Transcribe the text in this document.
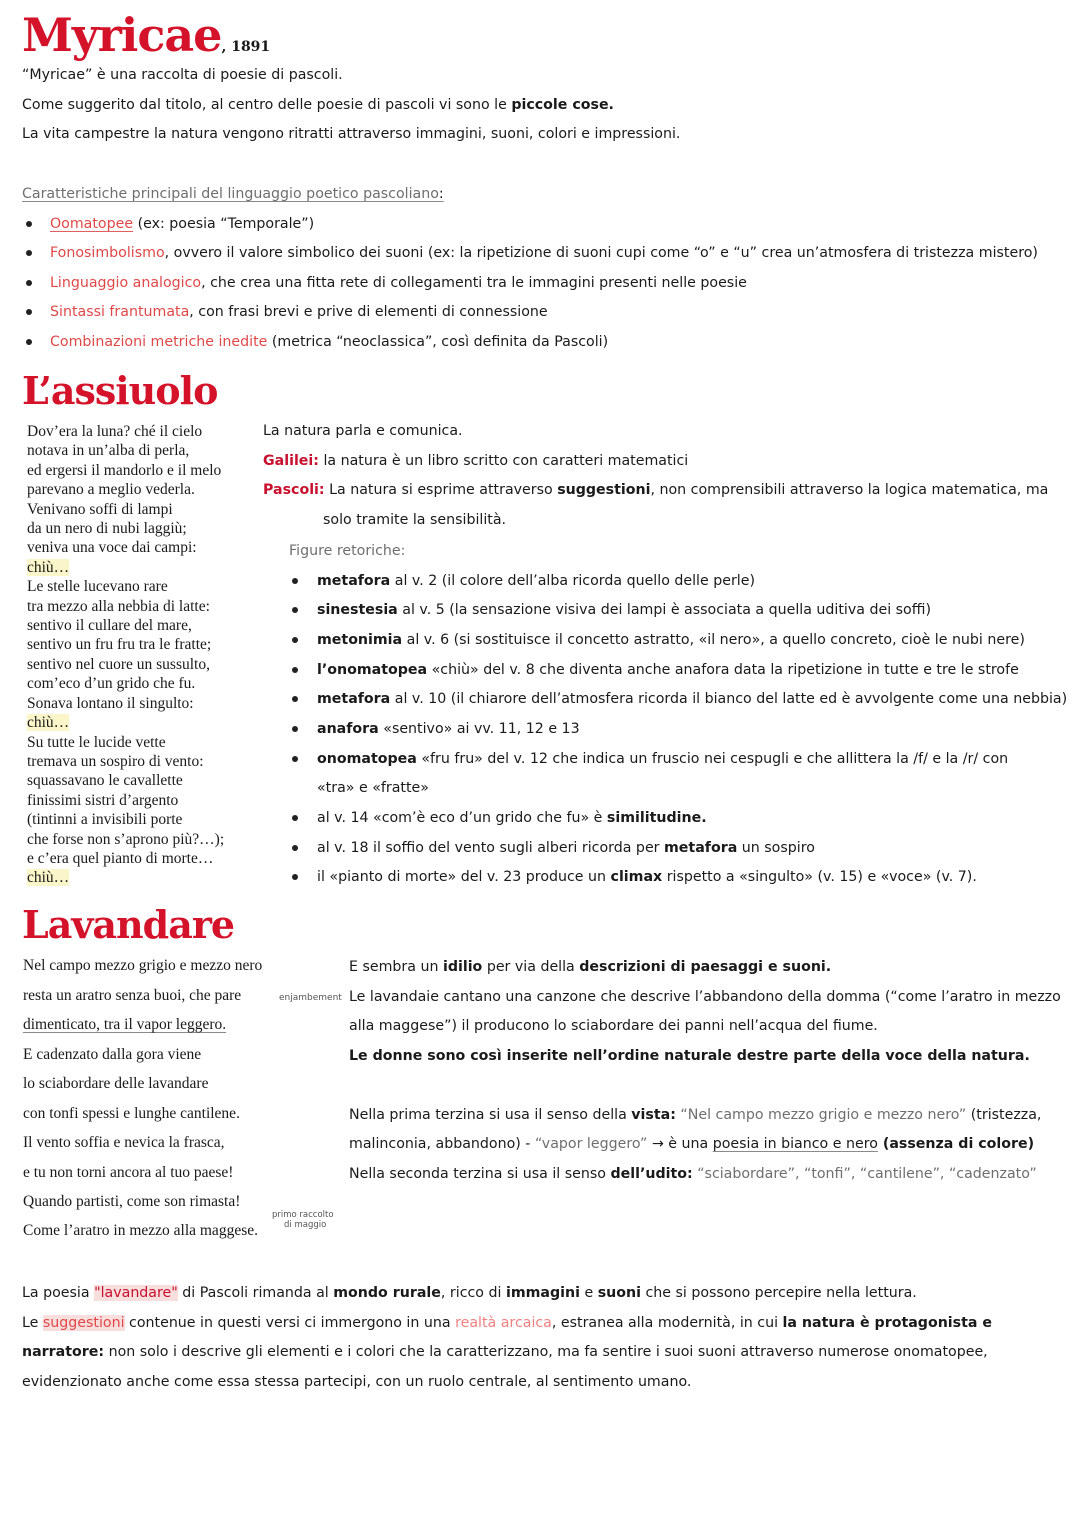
Myricae, 1891
“Myricae” è una raccolta di poesie di pascoli.
Come suggerito dal titolo, al centro delle poesie di pascoli vi sono le piccole cose.
La vita campestre la natura vengono ritratti attraverso immagini, suoni, colori e impressioni.
Caratteristiche principali del linguaggio poetico pascoliano:
Oomatopee (ex: poesia “Temporale”)
Fonosimbolismo, ovvero il valore simbolico dei suoni (ex: la ripetizione di suoni cupi come “o” e “u” crea un’atmosfera di tristezza mistero)
Linguaggio analogico, che crea una fitta rete di collegamenti tra le immagini presenti nelle poesie
Sintassi frantumata, con frasi brevi e prive di elementi di connessione
Combinazioni metriche inedite (metrica “neoclassica”, così definita da Pascoli)
L’assiuolo
Dov’era la luna? ché il cielo
notava in un’alba di perla,
ed ergersi il mandorlo e il melo
parevano a meglio vederla.
Venivano soffi di lampi
da un nero di nubi laggiù;
veniva una voce dai campi:
chiù…
Le stelle lucevano rare
tra mezzo alla nebbia di latte:
sentivo il cullare del mare,
sentivo un fru fru tra le fratte;
sentivo nel cuore un sussulto,
com’eco d’un grido che fu.
Sonava lontano il singulto:
chiù…
Su tutte le lucide vette
tremava un sospiro di vento:
squassavano le cavallette
finissimi sistri d’argento
(tintinni a invisibili porte
che forse non s’aprono più?…);
e c’era quel pianto di morte…
chiù…
La natura parla e comunica.
Galilei: la natura è un libro scritto con caratteri matematici
Pascoli: La natura si esprime attraverso suggestioni, non comprensibili attraverso la logica matematica, ma
solo tramite la sensibilità.
Figure retoriche:
metafora al v. 2 (il colore dell’alba ricorda quello delle perle)
sinestesia al v. 5 (la sensazione visiva dei lampi è associata a quella uditiva dei soffi)
metonimia al v. 6 (si sostituisce il concetto astratto, «il nero», a quello concreto, cioè le nubi nere)
l’onomatopea «chiù» del v. 8 che diventa anche anafora data la ripetizione in tutte e tre le strofe
metafora al v. 10 (il chiarore dell’atmosfera ricorda il bianco del latte ed è avvolgente come una nebbia)
anafora «sentivo» ai vv. 11, 12 e 13
onomatopea «fru fru» del v. 12 che indica un fruscio nei cespugli e che allittera la /f/ e la /r/ con
«tra» e «fratte»
al v. 14 «com’è eco d’un grido che fu» è similitudine.
al v. 18 il soffio del vento sugli alberi ricorda per metafora un sospiro
il «pianto di morte» del v. 23 produce un climax rispetto a «singulto» (v. 15) e «voce» (v. 7).
Lavandare
Nel campo mezzo grigio e mezzo nero
resta un aratro senza buoi, che pare
dimenticato, tra il vapor leggero.
E cadenzato dalla gora viene
lo sciabordare delle lavandare
con tonfi spessi e lunghe cantilene.
Il vento soffia e nevica la frasca,
e tu non torni ancora al tuo paese!
Quando partisti, come son rimasta!
Come l’aratro in mezzo alla maggese.
enjambement
primo raccolto
di maggio
E sembra un idilio per via della descrizioni di paesaggi e suoni.
Le lavandaie cantano una canzone che descrive l’abbandono della domma (“come l’aratro in mezzo
alla maggese”) il producono lo sciabordare dei panni nell’acqua del fiume.
Le donne sono così inserite nell’ordine naturale destre parte della voce della natura.
Nella prima terzina si usa il senso della vista: “Nel campo mezzo grigio e mezzo nero” (tristezza,
malinconia, abbandono) - “vapor leggero” → è una poesia in bianco e nero (assenza di colore)
Nella seconda terzina si usa il senso dell’udito: “sciabordare”, “tonfi”, “cantilene”, “cadenzato”
La poesia "lavandare" di Pascoli rimanda al mondo rurale, ricco di immagini e suoni che si possono percepire nella lettura.
Le suggestioni contenue in questi versi ci immergono in una realtà arcaica, estranea alla modernità, in cui la natura è protagonista e
narratore: non solo i descrive gli elementi e i colori che la caratterizzano, ma fa sentire i suoi suoni attraverso numerose onomatopee,
evidenzionato anche come essa stessa partecipi, con un ruolo centrale, al sentimento umano.
